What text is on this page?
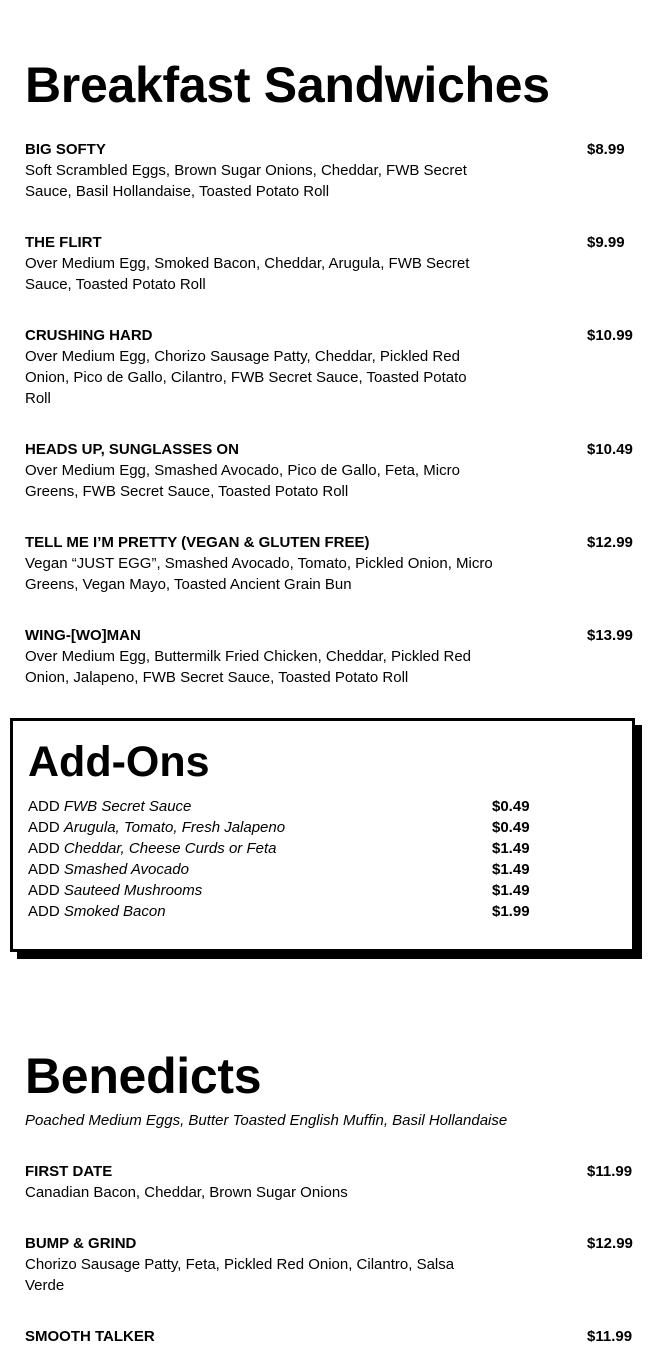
Breakfast Sandwiches
BIG SOFTY	$8.99
Soft Scrambled Eggs, Brown Sugar Onions, Cheddar, FWB Secret Sauce, Basil Hollandaise, Toasted Potato Roll
THE FLIRT	$9.99
Over Medium Egg, Smoked Bacon, Cheddar, Arugula, FWB Secret Sauce, Toasted Potato Roll
CRUSHING HARD	$10.99
Over Medium Egg, Chorizo Sausage Patty, Cheddar, Pickled Red Onion, Pico de Gallo, Cilantro, FWB Secret Sauce, Toasted Potato Roll
HEADS UP, SUNGLASSES ON	$10.49
Over Medium Egg, Smashed Avocado, Pico de Gallo, Feta, Micro Greens, FWB Secret Sauce, Toasted Potato Roll
TELL ME I’M PRETTY (VEGAN & GLUTEN FREE)	$12.99
Vegan “JUST EGG”, Smashed Avocado, Tomato, Pickled Onion, Micro Greens, Vegan Mayo, Toasted Ancient Grain Bun
WING-[WO]MAN	$13.99
Over Medium Egg, Buttermilk Fried Chicken, Cheddar, Pickled Red Onion, Jalapeno, FWB Secret Sauce, Toasted Potato Roll
Add-Ons
ADD FWB Secret Sauce	$0.49
ADD Arugula, Tomato, Fresh Jalapeno	$0.49
ADD Cheddar, Cheese Curds or Feta	$1.49
ADD Smashed Avocado	$1.49
ADD Sauteed Mushrooms	$1.49
ADD Smoked Bacon	$1.99
Benedicts
Poached Medium Eggs, Butter Toasted English Muffin, Basil Hollandaise
FIRST DATE	$11.99
Canadian Bacon, Cheddar, Brown Sugar Onions
BUMP & GRIND	$12.99
Chorizo Sausage Patty, Feta, Pickled Red Onion, Cilantro, Salsa Verde
SMOOTH TALKER	$11.99
